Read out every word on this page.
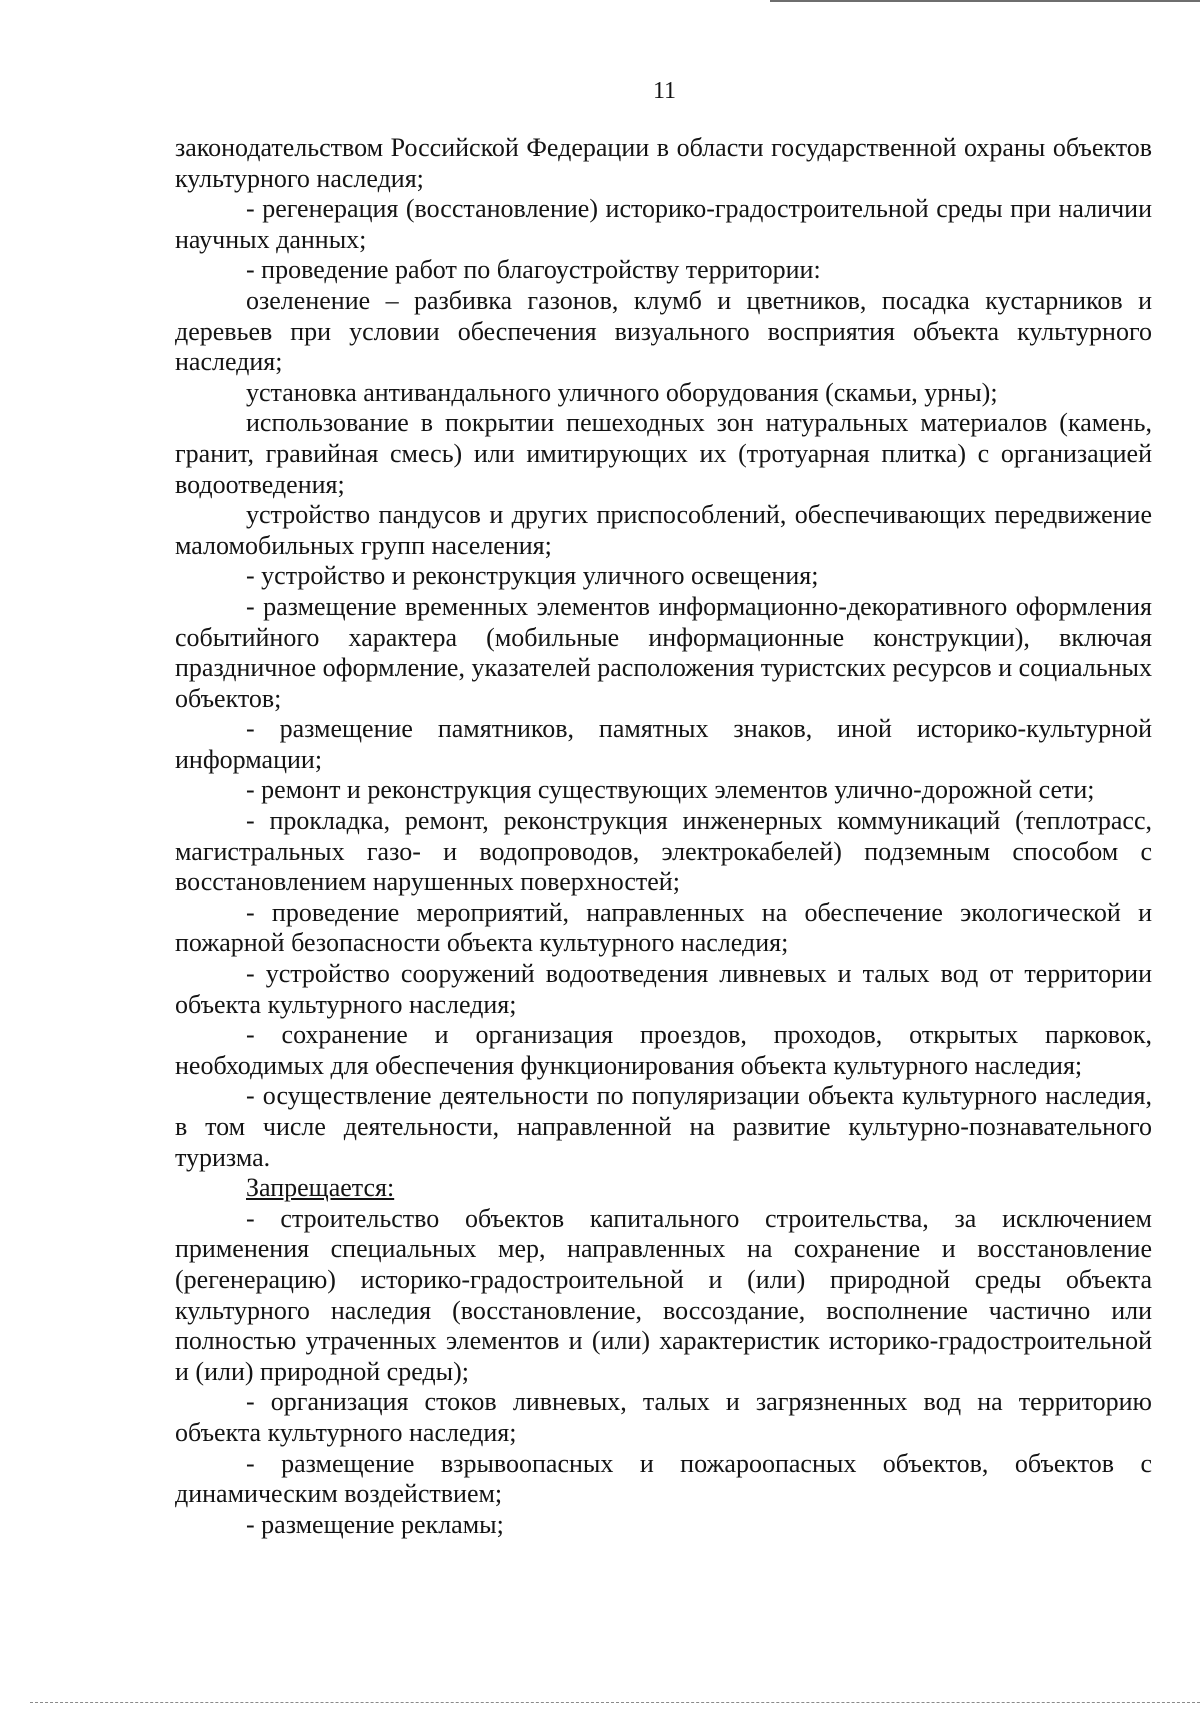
11

законодательством Российской Федерации в области государственной охраны объектов культурного наследия;

- регенерация (восстановление) историко-градостроительной среды при наличии научных данных;

- проведение работ по благоустройству территории:

озеленение – разбивка газонов, клумб и цветников, посадка кустарников и деревьев при условии обеспечения визуального восприятия объекта культурного наследия;

установка антивандального уличного оборудования (скамьи, урны);

использование в покрытии пешеходных зон натуральных материалов (камень, гранит, гравийная смесь) или имитирующих их (тротуарная плитка) с организацией водоотведения;

устройство пандусов и других приспособлений, обеспечивающих передвижение маломобильных групп населения;

- устройство и реконструкция уличного освещения;

- размещение временных элементов информационно-декоративного оформления событийного характера (мобильные информационные конструкции), включая праздничное оформление, указателей расположения туристских ресурсов и социальных объектов;

- размещение памятников, памятных знаков, иной историко-культурной информации;

- ремонт и реконструкция существующих элементов улично-дорожной сети;

- прокладка, ремонт, реконструкция инженерных коммуникаций (теплотрасс, магистральных газо- и водопроводов, электрокабелей) подземным способом с восстановлением нарушенных поверхностей;

- проведение мероприятий, направленных на обеспечение экологической и пожарной безопасности объекта культурного наследия;

- устройство сооружений водоотведения ливневых и талых вод от территории объекта культурного наследия;

- сохранение и организация проездов, проходов, открытых парковок, необходимых для обеспечения функционирования объекта культурного наследия;

- осуществление деятельности по популяризации объекта культурного наследия, в том числе деятельности, направленной на развитие культурно-познавательного туризма.

Запрещается:

- строительство объектов капитального строительства, за исключением применения специальных мер, направленных на сохранение и восстановление (регенерацию) историко-градостроительной и (или) природной среды объекта культурного наследия (восстановление, воссоздание, восполнение частично или полностью утраченных элементов и (или) характеристик историко-градостроительной и (или) природной среды);

- организация стоков ливневых, талых и загрязненных вод на территорию объекта культурного наследия;

- размещение взрывоопасных и пожароопасных объектов, объектов с динамическим воздействием;

- размещение рекламы;
